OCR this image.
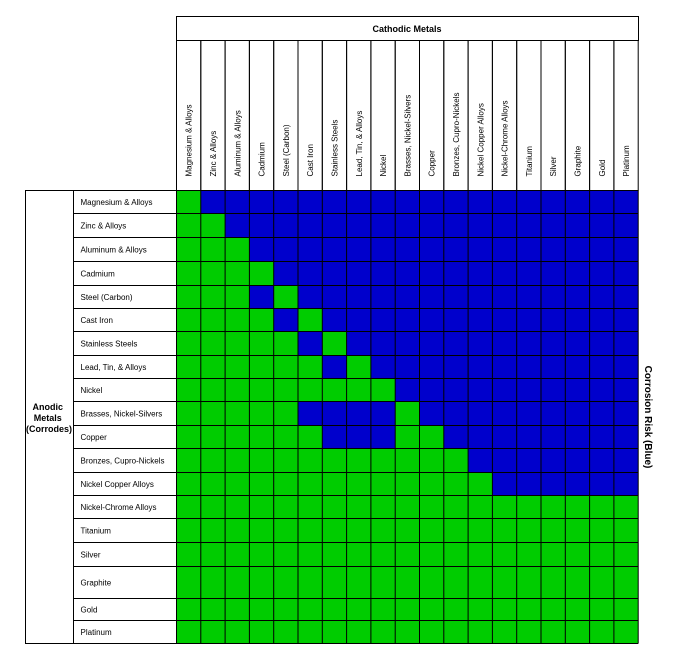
Cathodic Metals
Anodic Metals (Corrodes)	Corrosion Risk (Blue)
Magnesium & Alloys Zinc & Alloys Aluminum & Alloys Cadmium Steel (Carbon) Cast Iron Stainless Steels Lead, Tin, & Alloys Nickel Brasses, Nickel-Silvers Copper Bronzes, Cupro-Nickels Nickel Copper Alloys Nickel-Chrome Alloys Titanium Silver Graphite Gold Platinum
Magnesium & Alloys
Zinc & Alloys
Aluminum & Alloys
Cadmium
Steel (Carbon)
Cast Iron
Stainless Steels
Lead, Tin, & Alloys
Nickel
Brasses, Nickel-Silvers
Copper
Bronzes, Cupro-Nickels
Nickel Copper Alloys
Nickel-Chrome Alloys
Titanium
Silver
Graphite
Gold
Platinum
